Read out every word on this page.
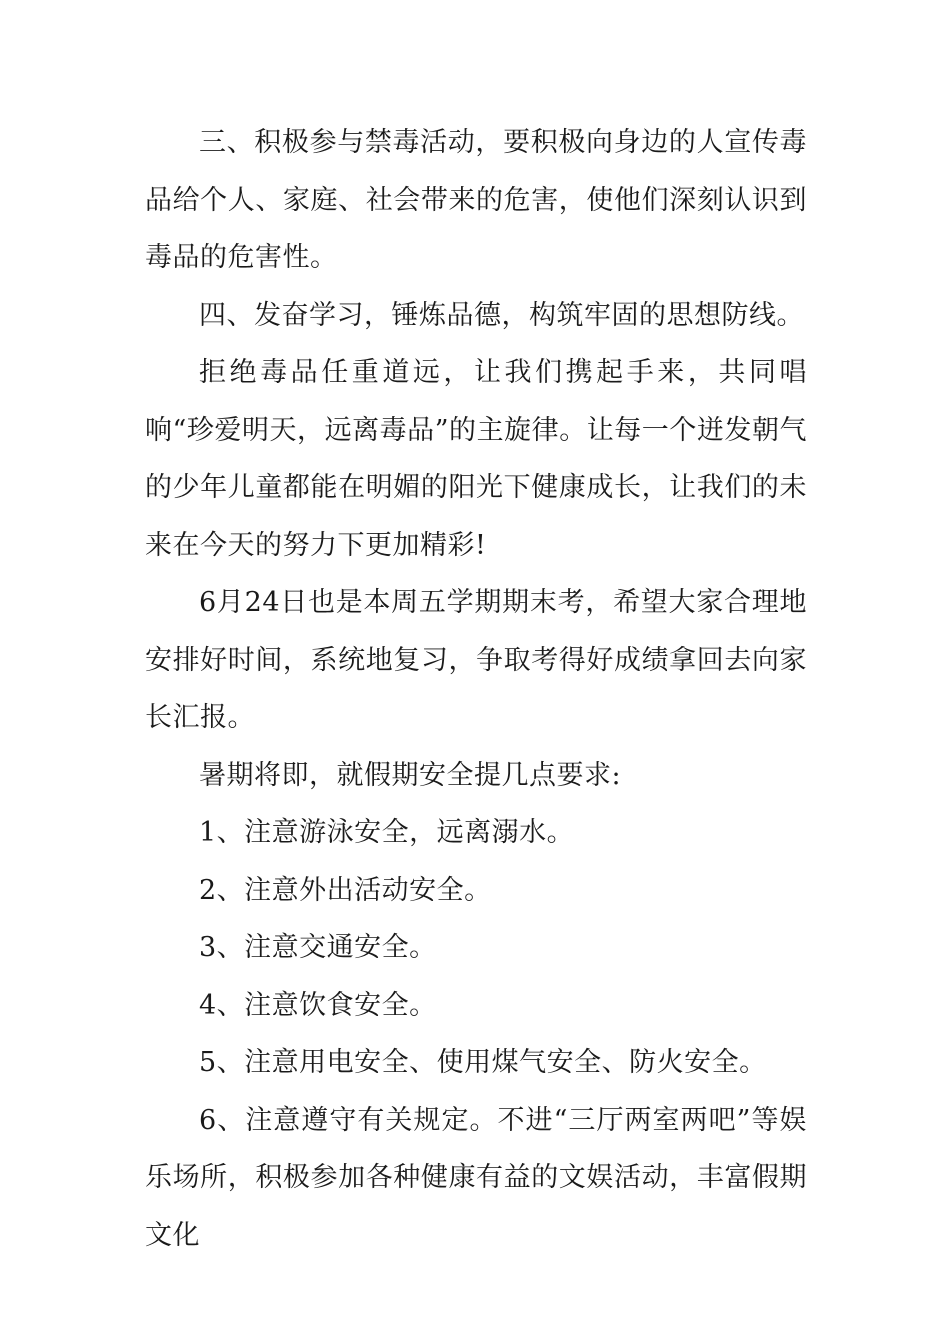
三、积极参与禁毒活动，要积极向身边的人宣传毒品给个人、家庭、社会带来的危害，使他们深刻认识到毒品的危害性。

四、发奋学习，锤炼品德，构筑牢固的思想防线。

拒绝毒品任重道远，让我们携起手来，共同唱响“珍爱明天，远离毒品”的主旋律。让每一个迸发朝气的少年儿童都能在明媚的阳光下健康成长，让我们的未来在今天的努力下更加精彩!

6月24日也是本周五学期期末考，希望大家合理地安排好时间，系统地复习，争取考得好成绩拿回去向家长汇报。

暑期将即，就假期安全提几点要求:

1、注意游泳安全，远离溺水。

2、注意外出活动安全。

3、注意交通安全。

4、注意饮食安全。

5、注意用电安全、使用煤气安全、防火安全。

6、注意遵守有关规定。不进“三厅两室两吧”等娱乐场所，积极参加各种健康有益的文娱活动，丰富假期文化
